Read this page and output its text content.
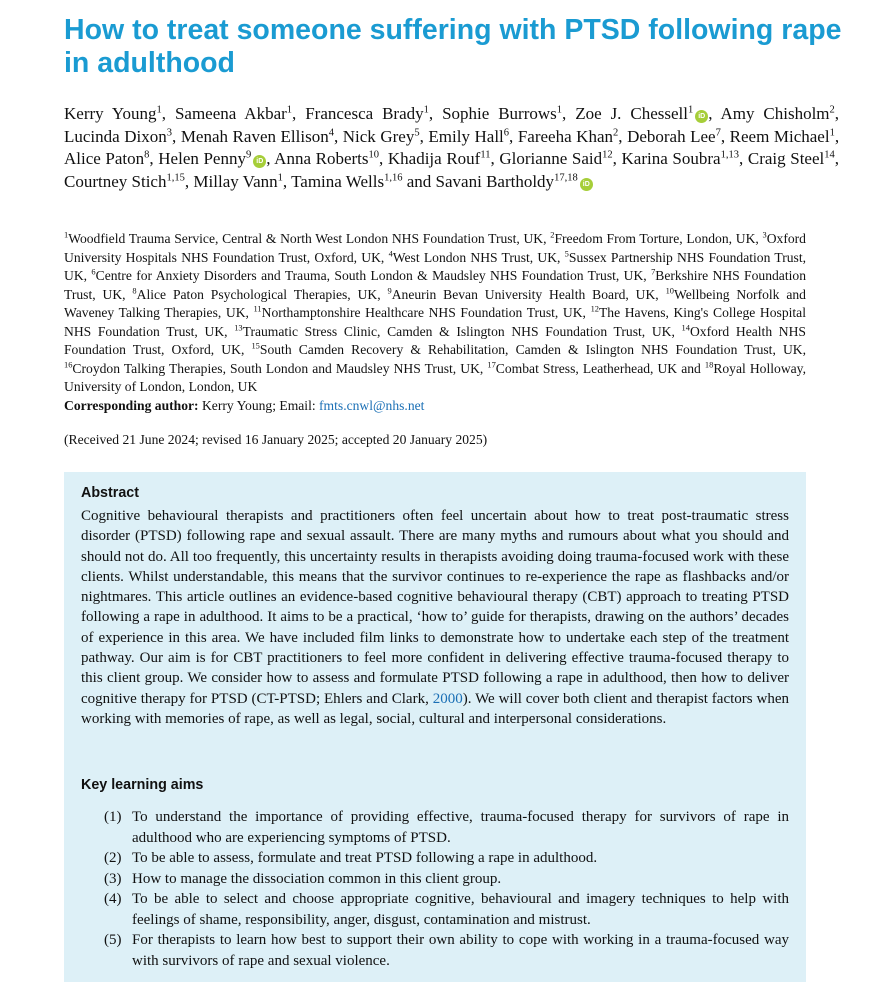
How to treat someone suffering with PTSD following rape in adulthood
Kerry Young$^1$, Sameena Akbar$^1$, Francesca Brady$^1$, Sophie Burrows$^1$, Zoe J. Chessell$^1$iD , Amy Chisholm$^2$, Lucinda Dixon$^3$, Menah Raven Ellison$^4$, Nick Grey$^5$, Emily Hall$^6$, Fareeha Khan$^2$, Deborah Lee$^7$, Reem Michael$^1$, Alice Paton$^8$, Helen Penny$^9$iD , Anna Roberts$^{10}$, Khadija Rouf$^{11}$, Glorianne Said$^{12}$, Karina Soubra$^{1,13}$, Craig Steel$^{14}$, Courtney Stich$^{1,15}$, Millay Vann$^1$, Tamina Wells$^{1,16}$ and Savani Bartholdy$^{17,18}$iD
$^1$Woodfield Trauma Service, Central & North West London NHS Foundation Trust, UK, $^2$Freedom From Torture, London, UK, $^3$Oxford University Hospitals NHS Foundation Trust, Oxford, UK, $^4$West London NHS Trust, UK, $^5$Sussex Partnership NHS Foundation Trust, UK, $^6$Centre for Anxiety Disorders and Trauma, South London & Maudsley NHS Foundation Trust, UK, $^7$Berkshire NHS Foundation Trust, UK, $^8$Alice Paton Psychological Therapies, UK, $^9$Aneurin Bevan University Health Board, UK, $^{10}$Wellbeing Norfolk and Waveney Talking Therapies, UK, $^{11}$Northamptonshire Healthcare NHS Foundation Trust, UK, $^{12}$The Havens, King's College Hospital NHS Foundation Trust, UK, $^{13}$Traumatic Stress Clinic, Camden & Islington NHS Foundation Trust, UK, $^{14}$Oxford Health NHS Foundation Trust, Oxford, UK, $^{15}$South Camden Recovery & Rehabilitation, Camden & Islington NHS Foundation Trust, UK, $^{16}$Croydon Talking Therapies, South London and Maudsley NHS Trust, UK, $^{17}$Combat Stress, Leatherhead, UK and $^{18}$Royal Holloway, University of London, London, UK
Corresponding author: Kerry Young; Email: fmts.cnwl@nhs.net
(Received 21 June 2024; revised 16 January 2025; accepted 20 January 2025)
Abstract

Cognitive behavioural therapists and practitioners often feel uncertain about how to treat post-traumatic stress disorder (PTSD) following rape and sexual assault. There are many myths and rumours about what you should and should not do. All too frequently, this uncertainty results in therapists avoiding doing trauma-focused work with these clients. Whilst understandable, this means that the survivor continues to re-experience the rape as flashbacks and/or nightmares. This article outlines an evidence-based cognitive behavioural therapy (CBT) approach to treating PTSD following a rape in adulthood. It aims to be a practical, ‘how to’ guide for therapists, drawing on the authors’ decades of experience in this area. We have included film links to demonstrate how to undertake each step of the treatment pathway. Our aim is for CBT practitioners to feel more confident in delivering effective trauma-focused therapy to this client group. We consider how to assess and formulate PTSD following a rape in adulthood, then how to deliver cognitive therapy for PTSD (CT-PTSD; Ehlers and Clark, 2000). We will cover both client and therapist factors when working with memories of rape, as well as legal, social, cultural and interpersonal considerations.

Key learning aims
(1) To understand the importance of providing effective, trauma-focused therapy for survivors of rape in adulthood who are experiencing symptoms of PTSD.
(2) To be able to assess, formulate and treat PTSD following a rape in adulthood.
(3) How to manage the dissociation common in this client group.
(4) To be able to select and choose appropriate cognitive, behavioural and imagery techniques to help with feelings of shame, responsibility, anger, disgust, contamination and mistrust.
(5) For therapists to learn how best to support their own ability to cope with working in a trauma-focused way with survivors of rape and sexual violence.
